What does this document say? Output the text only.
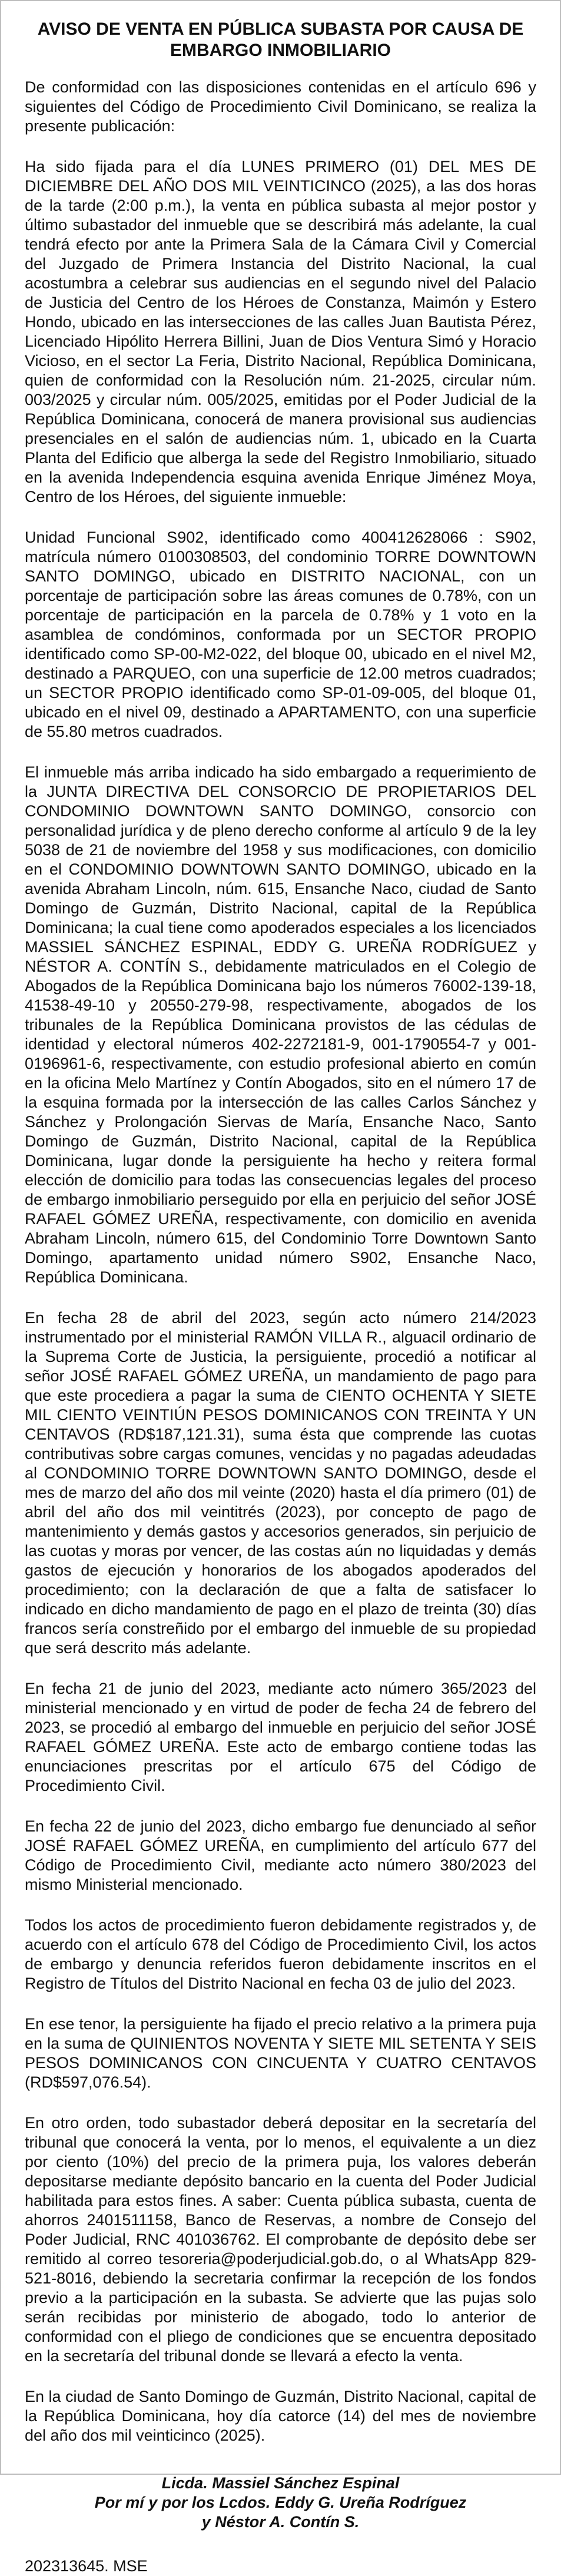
AVISO DE VENTA EN PÚBLICA SUBASTA POR CAUSA DE EMBARGO INMOBILIARIO

De conformidad con las disposiciones contenidas en el artículo 696 y siguientes del Código de Procedimiento Civil Dominicano, se realiza la presente publicación:

Ha sido fijada para el día LUNES PRIMERO (01) DEL MES DE DICIEMBRE DEL AÑO DOS MIL VEINTICINCO (2025), a las dos horas de la tarde (2:00 p.m.), la venta en pública subasta al mejor postor y último subastador del inmueble que se describirá más adelante, la cual tendrá efecto por ante la Primera Sala de la Cámara Civil y Comercial del Juzgado de Primera Instancia del Distrito Nacional, la cual acostumbra a celebrar sus audiencias en el segundo nivel del Palacio de Justicia del Centro de los Héroes de Constanza, Maimón y Estero Hondo, ubicado en las intersecciones de las calles Juan Bautista Pérez, Licenciado Hipólito Herrera Billini, Juan de Dios Ventura Simó y Horacio Vicioso, en el sector La Feria, Distrito Nacional, República Dominicana, quien de conformidad con la Resolución núm. 21-2025, circular núm. 003/2025 y circular núm. 005/2025, emitidas por el Poder Judicial de la República Dominicana, conocerá de manera provisional sus audiencias presenciales en el salón de audiencias núm. 1, ubicado en la Cuarta Planta del Edificio que alberga la sede del Registro Inmobiliario, situado en la avenida Independencia esquina avenida Enrique Jiménez Moya, Centro de los Héroes, del siguiente inmueble:

Unidad Funcional S902, identificado como 400412628066 : S902, matrícula número 0100308503, del condominio TORRE DOWNTOWN SANTO DOMINGO, ubicado en DISTRITO NACIONAL, con un porcentaje de participación sobre las áreas comunes de 0.78%, con un porcentaje de participación en la parcela de 0.78% y 1 voto en la asamblea de condóminos, conformada por un SECTOR PROPIO identificado como SP-00-M2-022, del bloque 00, ubicado en el nivel M2, destinado a PARQUEO, con una superficie de 12.00 metros cuadrados; un SECTOR PROPIO identificado como SP-01-09-005, del bloque 01, ubicado en el nivel 09, destinado a APARTAMENTO, con una superficie de 55.80 metros cuadrados.

El inmueble más arriba indicado ha sido embargado a requerimiento de la JUNTA DIRECTIVA DEL CONSORCIO DE PROPIETARIOS DEL CONDOMINIO DOWNTOWN SANTO DOMINGO, consorcio con personalidad jurídica y de pleno derecho conforme al artículo 9 de la ley 5038 de 21 de noviembre del 1958 y sus modificaciones, con domicilio en el CONDOMINIO DOWNTOWN SANTO DOMINGO, ubicado en la avenida Abraham Lincoln, núm. 615, Ensanche Naco, ciudad de Santo Domingo de Guzmán, Distrito Nacional, capital de la República Dominicana; la cual tiene como apoderados especiales a los licenciados MASSIEL SÁNCHEZ ESPINAL, EDDY G. UREÑA RODRÍGUEZ y NÉSTOR A. CONTÍN S., debidamente matriculados en el Colegio de Abogados de la República Dominicana bajo los números 76002-139-18, 41538-49-10 y 20550-279-98, respectivamente, abogados de los tribunales de la República Dominicana provistos de las cédulas de identidad y electoral números 402-2272181-9, 001-1790554-7 y 001-0196961-6, respectivamente, con estudio profesional abierto en común en la oficina Melo Martínez y Contín Abogados, sito en el número 17 de la esquina formada por la intersección de las calles Carlos Sánchez y Sánchez y Prolongación Siervas de María, Ensanche Naco, Santo Domingo de Guzmán, Distrito Nacional, capital de la República Dominicana, lugar donde la persiguiente ha hecho y reitera formal elección de domicilio para todas las consecuencias legales del proceso de embargo inmobiliario perseguido por ella en perjuicio del señor JOSÉ RAFAEL GÓMEZ UREÑA, respectivamente, con domicilio en avenida Abraham Lincoln, número 615, del Condominio Torre Downtown Santo Domingo, apartamento unidad número S902, Ensanche Naco, República Dominicana.

En fecha 28 de abril del 2023, según acto número 214/2023 instrumentado por el ministerial RAMÓN VILLA R., alguacil ordinario de la Suprema Corte de Justicia, la persiguiente, procedió a notificar al señor JOSÉ RAFAEL GÓMEZ UREÑA, un mandamiento de pago para que este procediera a pagar la suma de CIENTO OCHENTA Y SIETE MIL CIENTO VEINTIÚN PESOS DOMINICANOS CON TREINTA Y UN CENTAVOS (RD$187,121.31), suma ésta que comprende las cuotas contributivas sobre cargas comunes, vencidas y no pagadas adeudadas al CONDOMINIO TORRE DOWNTOWN SANTO DOMINGO, desde el mes de marzo del año dos mil veinte (2020) hasta el día primero (01) de abril del año dos mil veintitrés (2023), por concepto de pago de mantenimiento y demás gastos y accesorios generados, sin perjuicio de las cuotas y moras por vencer, de las costas aún no liquidadas y demás gastos de ejecución y honorarios de los abogados apoderados del procedimiento; con la declaración de que a falta de satisfacer lo indicado en dicho mandamiento de pago en el plazo de treinta (30) días francos sería constreñido por el embargo del inmueble de su propiedad que será descrito más adelante.

En fecha 21 de junio del 2023, mediante acto número 365/2023 del ministerial mencionado y en virtud de poder de fecha 24 de febrero del 2023, se procedió al embargo del inmueble en perjuicio del señor JOSÉ RAFAEL GÓMEZ UREÑA. Este acto de embargo contiene todas las enunciaciones prescritas por el artículo 675 del Código de Procedimiento Civil.

En fecha 22 de junio del 2023, dicho embargo fue denunciado al señor JOSÉ RAFAEL GÓMEZ UREÑA, en cumplimiento del artículo 677 del Código de Procedimiento Civil, mediante acto número 380/2023 del mismo Ministerial mencionado.

Todos los actos de procedimiento fueron debidamente registrados y, de acuerdo con el artículo 678 del Código de Procedimiento Civil, los actos de embargo y denuncia referidos fueron debidamente inscritos en el Registro de Títulos del Distrito Nacional en fecha 03 de julio del 2023.

En ese tenor, la persiguiente ha fijado el precio relativo a la primera puja en la suma de QUINIENTOS NOVENTA Y SIETE MIL SETENTA Y SEIS PESOS DOMINICANOS CON CINCUENTA Y CUATRO CENTAVOS (RD$597,076.54).

En otro orden, todo subastador deberá depositar en la secretaría del tribunal que conocerá la venta, por lo menos, el equivalente a un diez por ciento (10%) del precio de la primera puja, los valores deberán depositarse mediante depósito bancario en la cuenta del Poder Judicial habilitada para estos fines. A saber: Cuenta pública subasta, cuenta de ahorros 2401511158, Banco de Reservas, a nombre de Consejo del Poder Judicial, RNC 401036762. El comprobante de depósito debe ser remitido al correo tesoreria@poderjudicial.gob.do, o al WhatsApp 829-521-8016, debiendo la secretaria confirmar la recepción de los fondos previo a la participación en la subasta. Se advierte que las pujas solo serán recibidas por ministerio de abogado, todo lo anterior de conformidad con el pliego de condiciones que se encuentra depositado en la secretaría del tribunal donde se llevará a efecto la venta.

En la ciudad de Santo Domingo de Guzmán, Distrito Nacional, capital de la República Dominicana, hoy día catorce (14) del mes de noviembre del año dos mil veinticinco (2025).

Licda. Massiel Sánchez Espinal
Por mí y por los Lcdos. Eddy G. Ureña Rodríguez
y Néstor A. Contín S.
202313645. MSE
